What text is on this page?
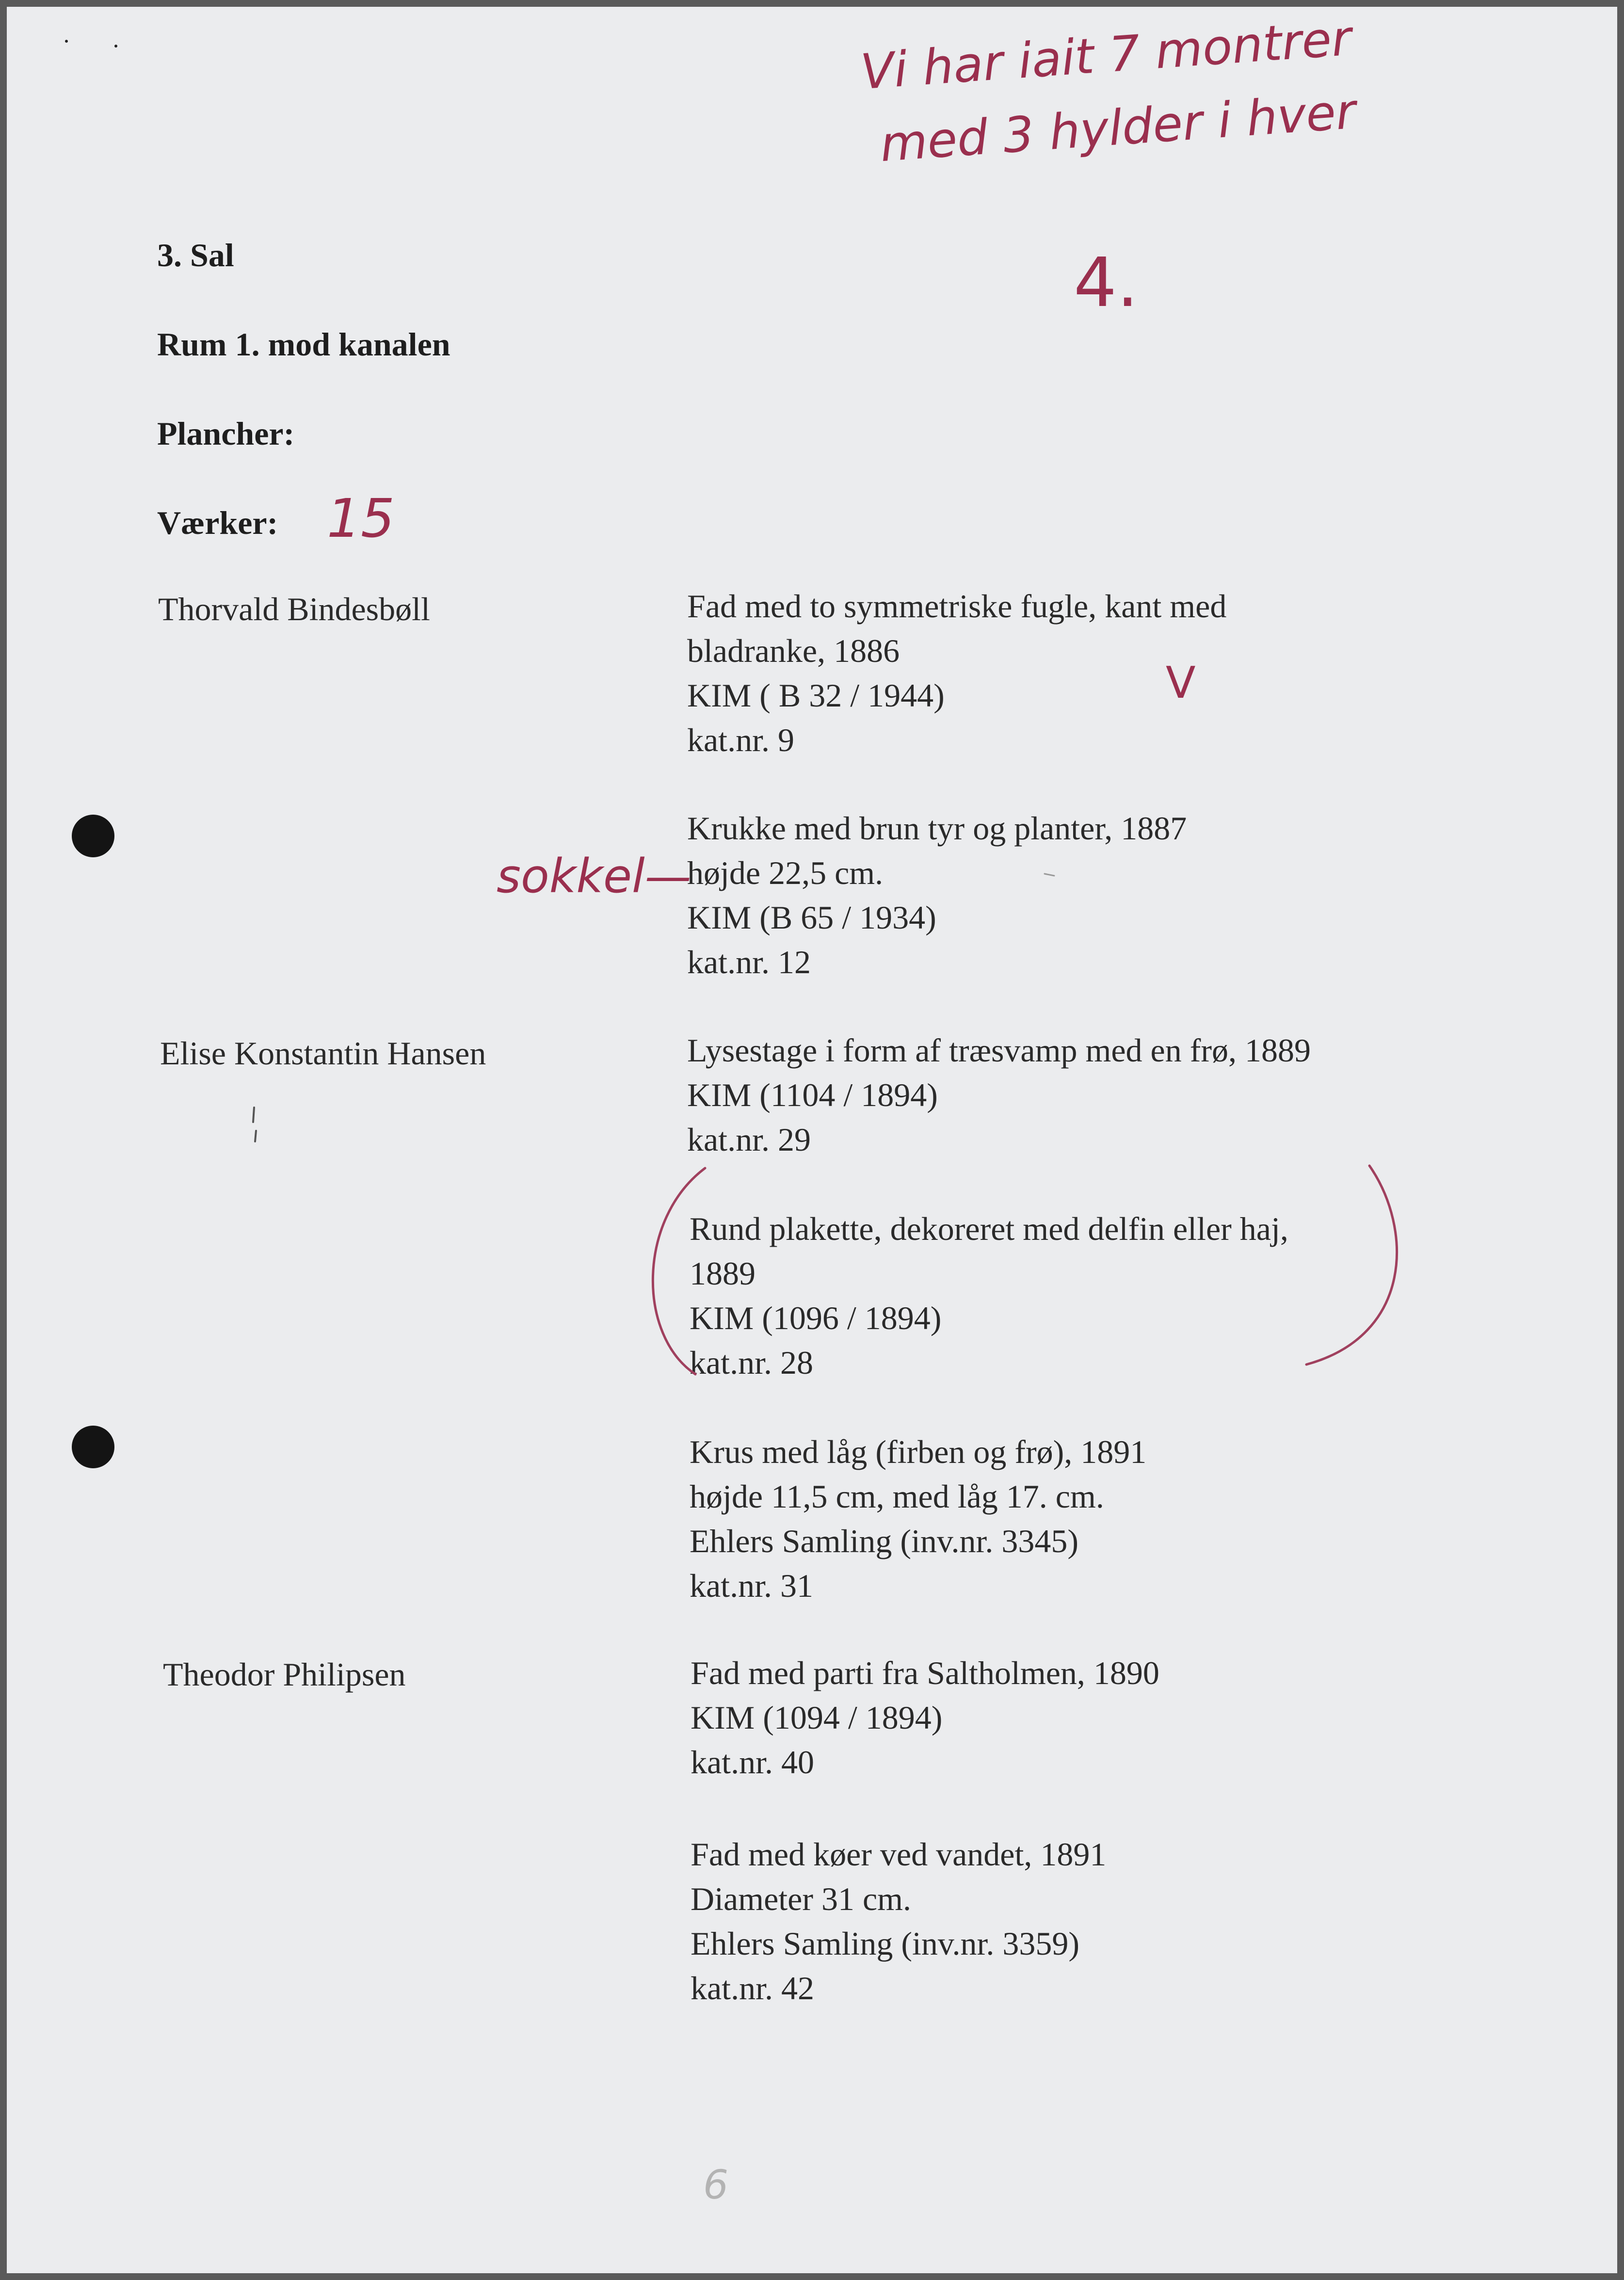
Vi har iait 7 montrer
med 3 hylder i hver
4.
3. Sal
Rum 1. mod kanalen
Plancher:
Værker: 15
Thorvald Bindesbøll
Elise Konstantin Hansen
Theodor Philipsen
Fad med to symmetriske fugle, kant med
bladranke, 1886
KIM ( B 32 / 1944)
kat.nr. 9
V
Krukke med brun tyr og planter, 1887
højde 22,5 cm.
KIM (B 65 / 1934)
kat.nr. 12
sokkel—
Lysestage i form af træsvamp med en frø, 1889
KIM (1104 / 1894)
kat.nr. 29
Rund plakette, dekoreret med delfin eller haj,
1889
KIM (1096 / 1894)
kat.nr. 28
Krus med låg (firben og frø), 1891
højde 11,5 cm, med låg 17. cm.
Ehlers Samling (inv.nr. 3345)
kat.nr. 31
Fad med parti fra Saltholmen, 1890
KIM (1094 / 1894)
kat.nr. 40
Fad med køer ved vandet, 1891
Diameter 31 cm.
Ehlers Samling (inv.nr. 3359)
kat.nr. 42
6
